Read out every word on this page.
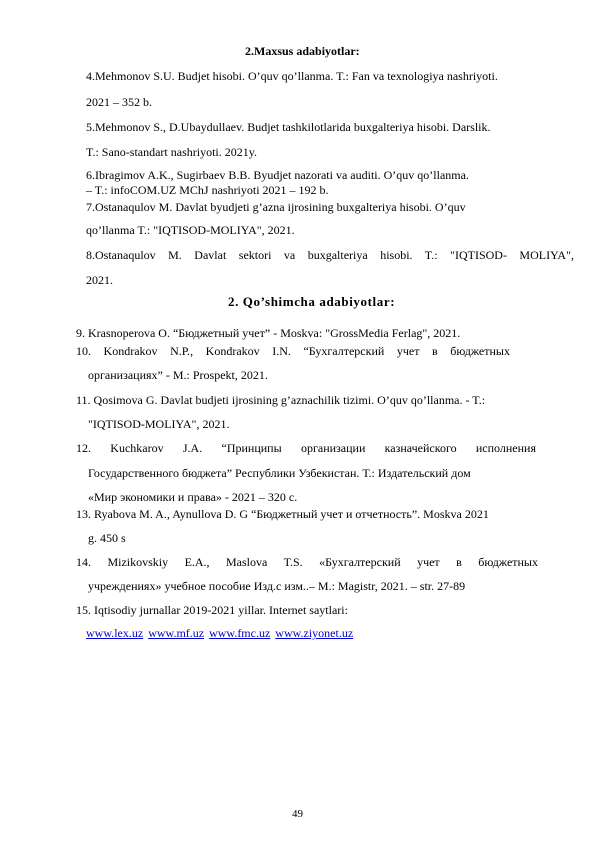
2.Maxsus adabiyotlar:
4.Mehmonov S.U. Budjet hisobi. O’quv qo’llanma. T.: Fan va texnologiya nashriyoti.
2021 – 352 b.
5.Mehmonov S., D.Ubaydullaev. Budjet tashkilotlarida buxgalteriya hisobi. Darslik.
T.: Sano-standart nashriyoti. 2021y.
6.Ibragimov A.K., Sugirbaev B.B. Byudjet nazorati va auditi. O’quv qo’llanma.
– T.: infoCOM.UZ MChJ nashriyoti 2021 – 192 b.
7.Ostanaqulov M. Davlat byudjeti g’azna ijrosining buxgalteriya hisobi. O’quv
qo’llanma T.: "IQTISOD-MOLIYA", 2021.
8.Ostanaqulov M. Davlat sektori va buxgalteriya hisobi. T.: "IQTISOD- MOLIYA",
2021.
2. Qo’shimcha adabiyotlar:
9. Krasnoperova O. “Бюджетный учет” - Moskva: "GrossMedia Ferlag", 2021.
10. Kondrakov N.P., Kondrakov I.N. “Бухгалтерский учет в бюджетных
организациях” - M.: Prospekt, 2021.
11. Qosimova G. Davlat budjeti ijrosining g’aznachilik tizimi. O’quv qo’llanma. - T.:
"IQTISOD-MOLIYA", 2021.
12. Kuchkarov J.A. “Принципы организации казначейского исполнения
Государственного бюджета” Республики Узбекистан. Т.: Издательский дом
«Мир экономики и права» - 2021 – 320 с.
13. Ryabova M. A., Aynullova D. G “Бюджетный учет и отчетность”. Moskva 2021
g. 450 s
14. Mizikovskiy E.A., Maslova T.S. «Бухгалтерский учет в бюджетных
учреждениях» учебное пособие Изд.с изм..– M.: Magistr, 2021. – str. 27-89
15. Iqtisodiy jurnallar 2019-2021 yillar. Internet saytlari:
www.lex.uz www.mf.uz www.fmc.uz www.ziyonet.uz
49
